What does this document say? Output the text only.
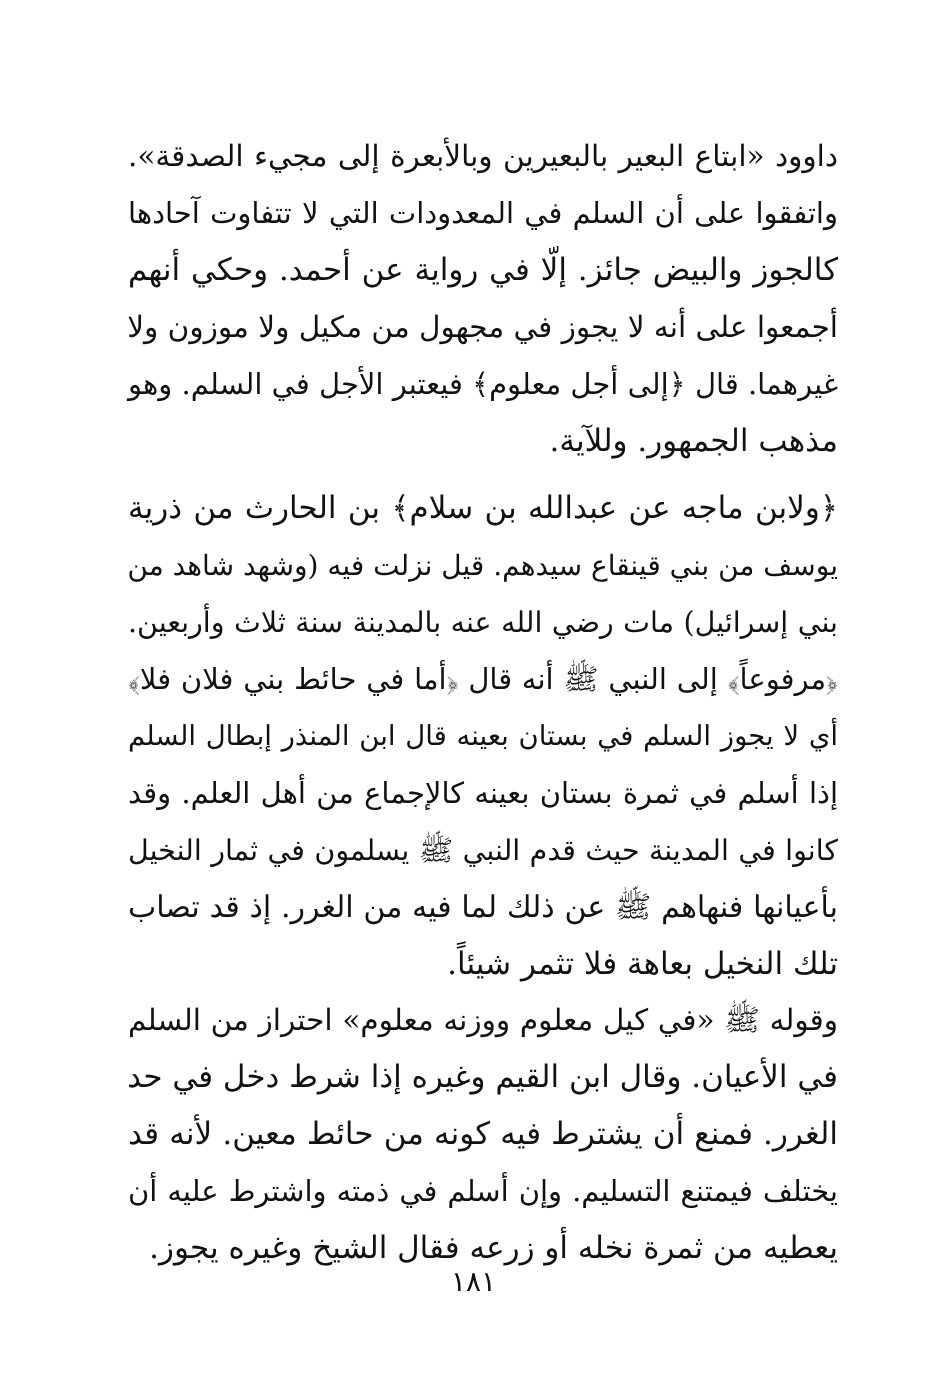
داوود «ابتاع البعير بالبعيرين وبالأبعرة إلى مجيء الصدقة».
واتفقوا على أن السلم في المعدودات التي لا تتفاوت آحادها
كالجوز والبيض جائز. إلّا في رواية عن أحمد. وحكي أنهم
أجمعوا على أنه لا يجوز في مجهول من مكيل ولا موزون ولا
غيرهما. قال ﴿إلى أجل معلوم﴾ فيعتبر الأجل في السلم. وهو
مذهب الجمهور. وللآية.
﴿ولابن ماجه عن عبدالله بن سلام﴾ بن الحارث من ذرية
يوسف من بني قينقاع سيدهم. قيل نزلت فيه (وشهد شاهد من
بني إسرائيل) مات رضي الله عنه بالمدينة سنة ثلاث وأربعين.
﴿مرفوعاً﴾ إلى النبي ﷺ أنه قال ﴿أما في حائط بني فلان فلا﴾
أي لا يجوز السلم في بستان بعينه قال ابن المنذر إبطال السلم
إذا أسلم في ثمرة بستان بعينه كالإجماع من أهل العلم. وقد
كانوا في المدينة حيث قدم النبي ﷺ يسلمون في ثمار النخيل
بأعيانها فنهاهم ﷺ عن ذلك لما فيه من الغرر. إذ قد تصاب
تلك النخيل بعاهة فلا تثمر شيئاً.
وقوله ﷺ «في كيل معلوم ووزنه معلوم» احتراز من السلم
في الأعيان. وقال ابن القيم وغيره إذا شرط دخل في حد
الغرر. فمنع أن يشترط فيه كونه من حائط معين. لأنه قد
يختلف فيمتنع التسليم. وإن أسلم في ذمته واشترط عليه أن
يعطيه من ثمرة نخله أو زرعه فقال الشيخ وغيره يجوز.
١٨١
